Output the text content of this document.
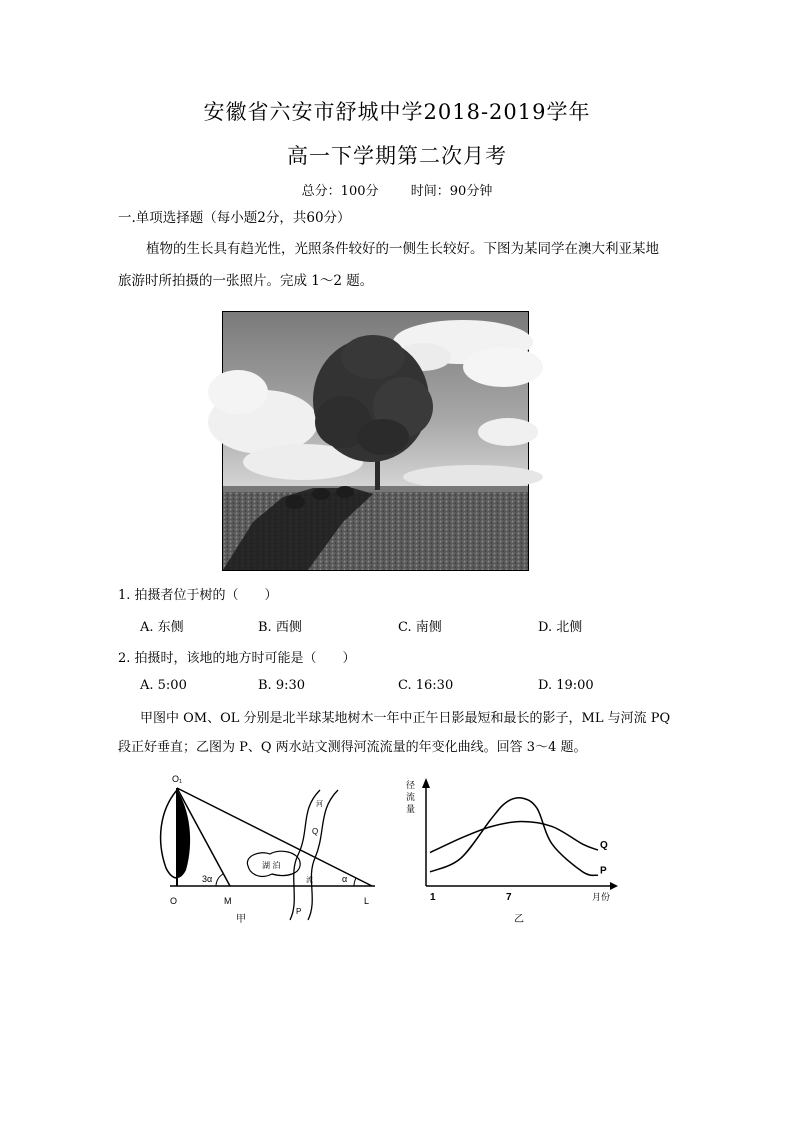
安徽省六安市舒城中学2018-2019学年
高一下学期第二次月考
总分：100分 时间：90分钟
一.单项选择题（每小题2分，共60分）
植物的生长具有趋光性，光照条件较好的一侧生长较好。下图为某同学在澳大利亚某地
旅游时所拍摄的一张照片。完成 1～2 题。
1. 拍摄者位于树的（　　）
A. 东侧	B. 西侧	C. 南侧	D. 北侧
2. 拍摄时，该地的地方时可能是（　　）
A. 5:00	B. 9:30	C. 16:30	D. 19:00
甲图中 OM、OL 分别是北半球某地树木一年中正午日影最短和最长的影子，ML 与河流 PQ
段正好垂直；乙图为 P、Q 两水站文测得河流流量的年变化曲线。回答 3～4 题。
O₁
O	M	L
3α	α
湖 泊
河
流
Q
P
甲
径
流
量
月份
1	7
Q
P
乙
